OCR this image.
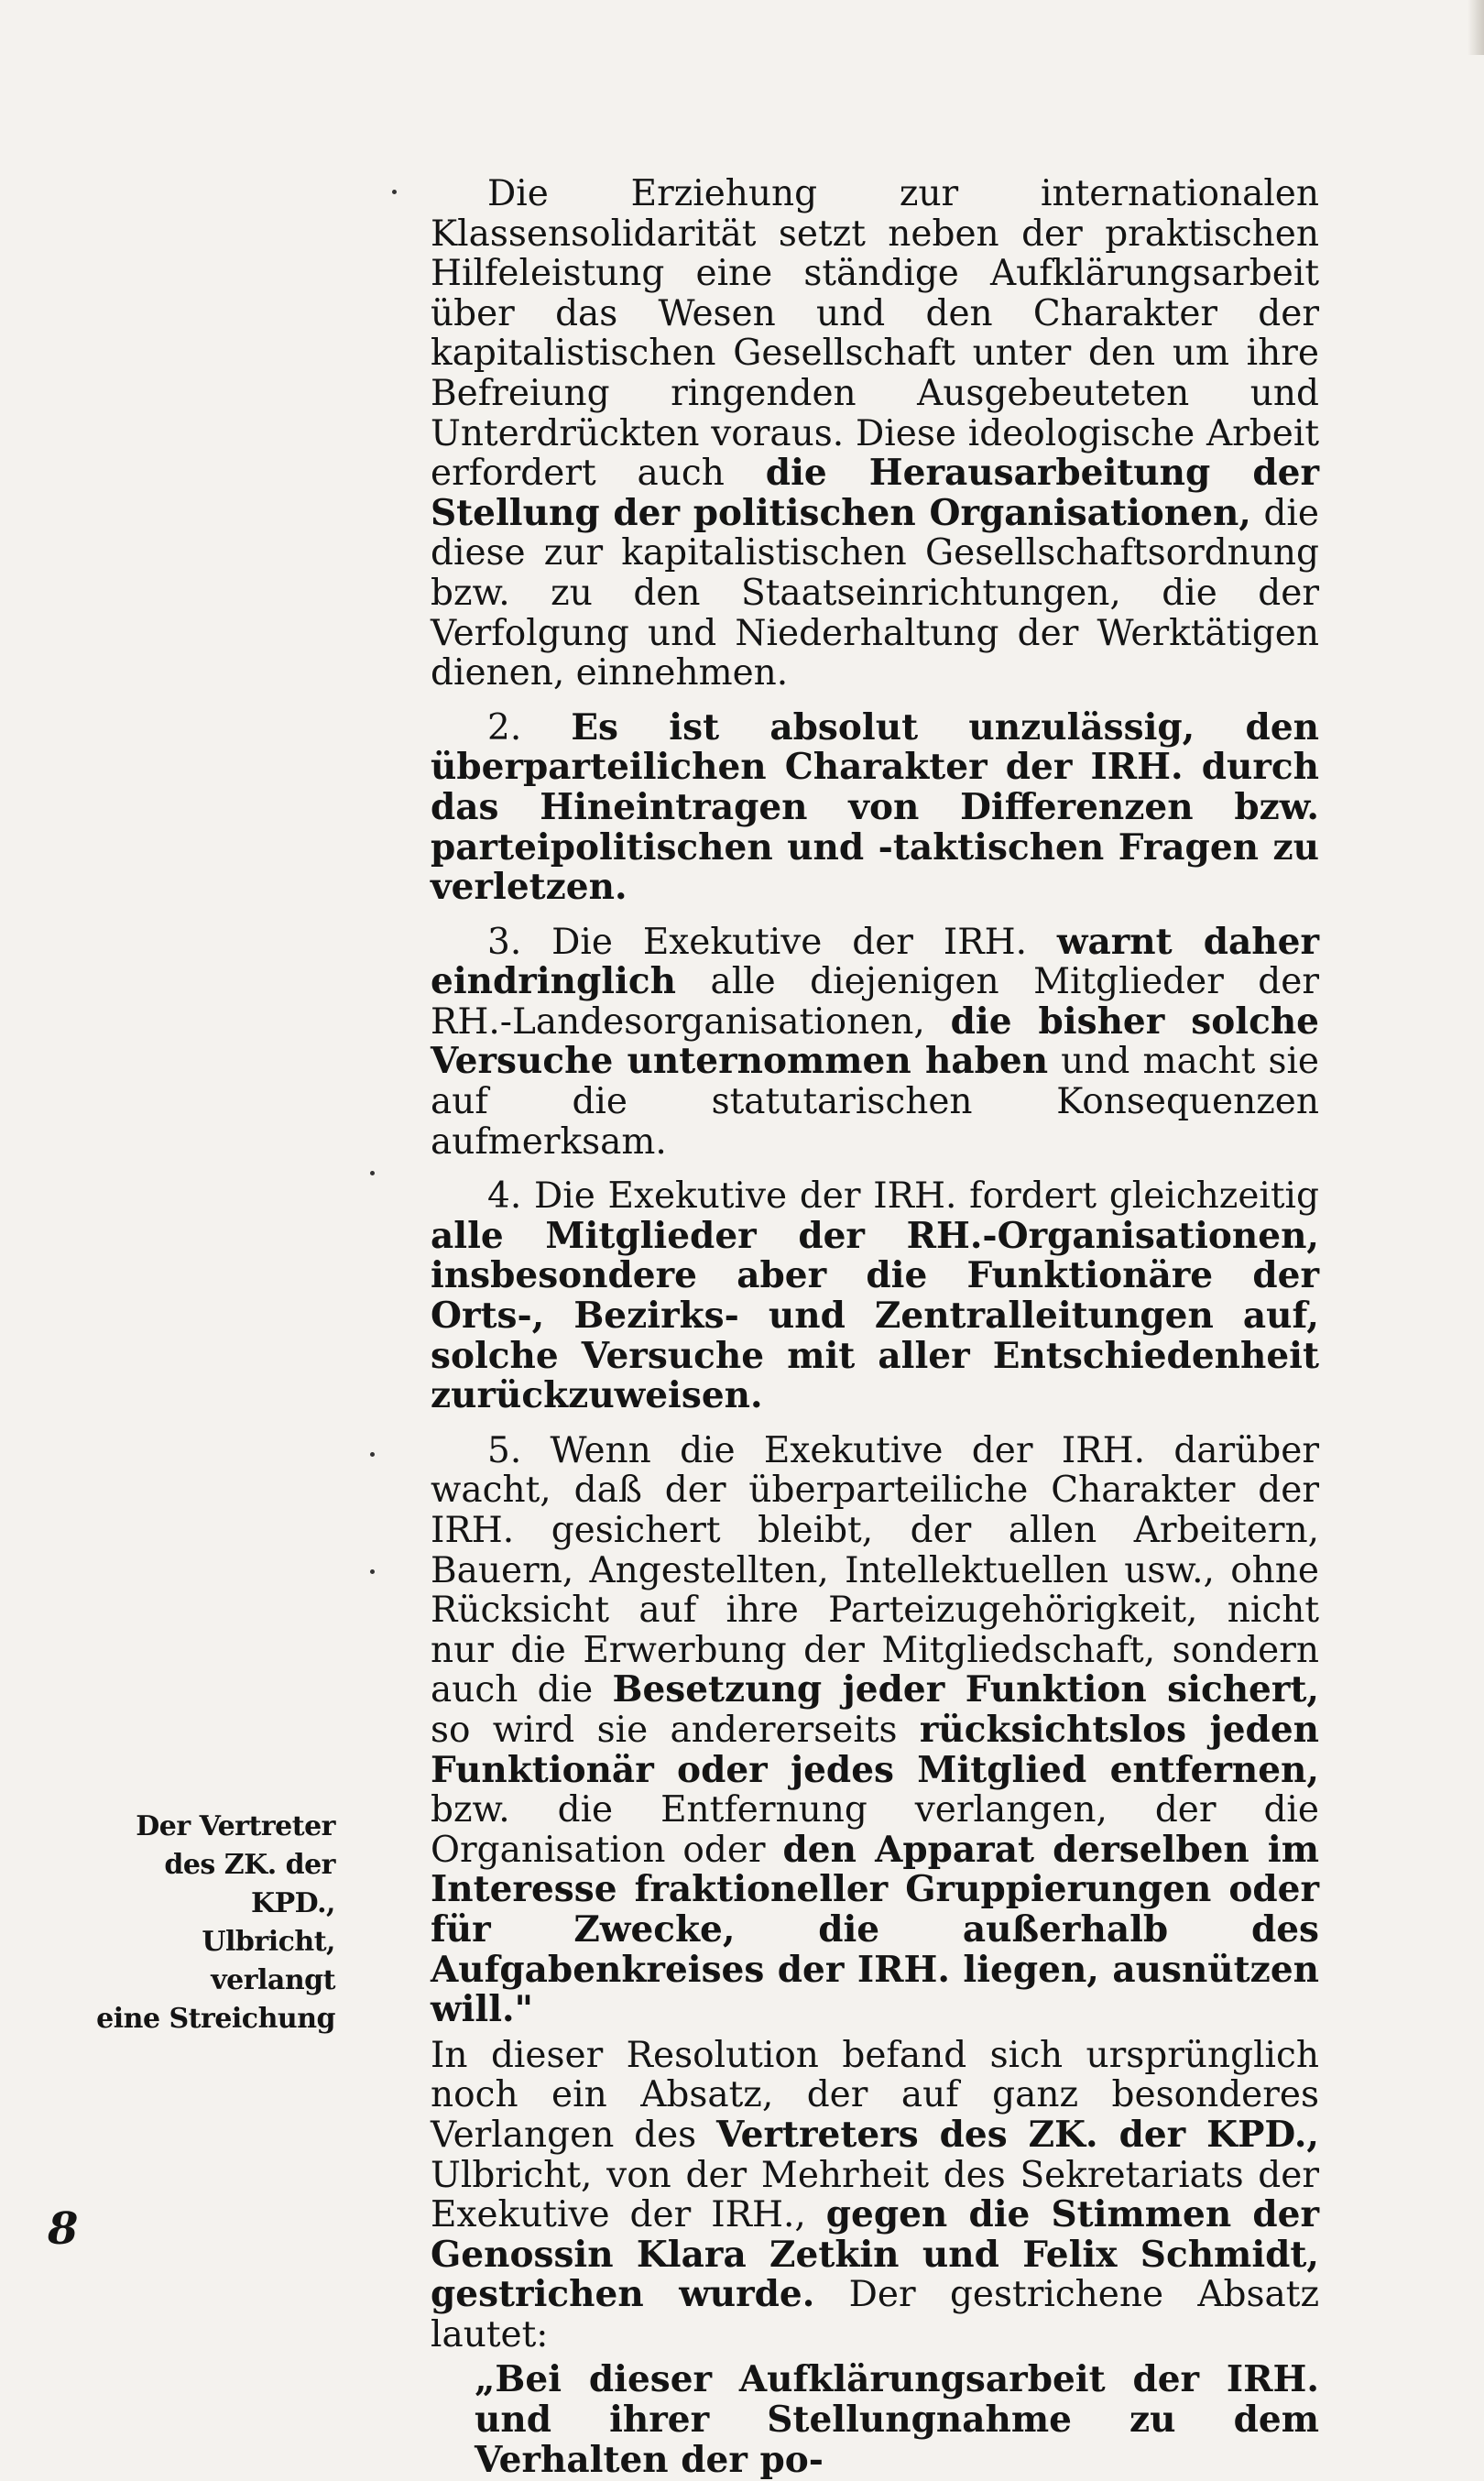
Die Erziehung zur internationalen Klassensolidarität setzt neben der praktischen Hilfeleistung eine ständige Aufklärungsarbeit über das Wesen und den Charakter der kapitalistischen Gesellschaft unter den um ihre Befreiung ringenden Ausgebeuteten und Unterdrückten voraus. Diese ideologische Arbeit erfordert auch die Herausarbeitung der Stellung der politischen Organisationen, die diese zur kapitalistischen Gesellschaftsordnung bzw. zu den Staatseinrichtungen, die der Verfolgung und Niederhaltung der Werktätigen dienen, einnehmen.

2. Es ist absolut unzulässig, den überparteilichen Charakter der IRH. durch das Hineintragen von Differenzen bzw. parteipolitischen und -taktischen Fragen zu verletzen.

3. Die Exekutive der IRH. warnt daher eindringlich alle diejenigen Mitglieder der RH.-Landesorganisationen, die bisher solche Versuche unternommen haben und macht sie auf die statutarischen Konsequenzen aufmerksam.

4. Die Exekutive der IRH. fordert gleichzeitig alle Mitglieder der RH.-Organisationen, insbesondere aber die Funktionäre der Orts-, Bezirks- und Zentralleitungen auf, solche Versuche mit aller Entschiedenheit zurückzuweisen.

5. Wenn die Exekutive der IRH. darüber wacht, daß der überparteiliche Charakter der IRH. gesichert bleibt, der allen Arbeitern, Bauern, Angestellten, Intellektuellen usw., ohne Rücksicht auf ihre Parteizugehörigkeit, nicht nur die Erwerbung der Mitgliedschaft, sondern auch die Besetzung jeder Funktion sichert, so wird sie andererseits rücksichtslos jeden Funktionär oder jedes Mitglied entfernen, bzw. die Entfernung verlangen, der die Organisation oder den Apparat derselben im Interesse fraktioneller Gruppierungen oder für Zwecke, die außerhalb des Aufgabenkreises der IRH. liegen, ausnützen will."

In dieser Resolution befand sich ursprünglich noch ein Absatz, der auf ganz besonderes Verlangen des Vertreters des ZK. der KPD., Ulbricht, von der Mehrheit des Sekretariats der Exekutive der IRH., gegen die Stimmen der Genossin Klara Zetkin und Felix Schmidt, gestrichen wurde. Der gestrichene Absatz lautet:

„Bei dieser Aufklärungsarbeit der IRH. und ihrer Stellungnahme zu dem Verhalten der po-

Der Vertreter
des ZK. der KPD.,
Ulbricht, verlangt
eine Streichung
8
